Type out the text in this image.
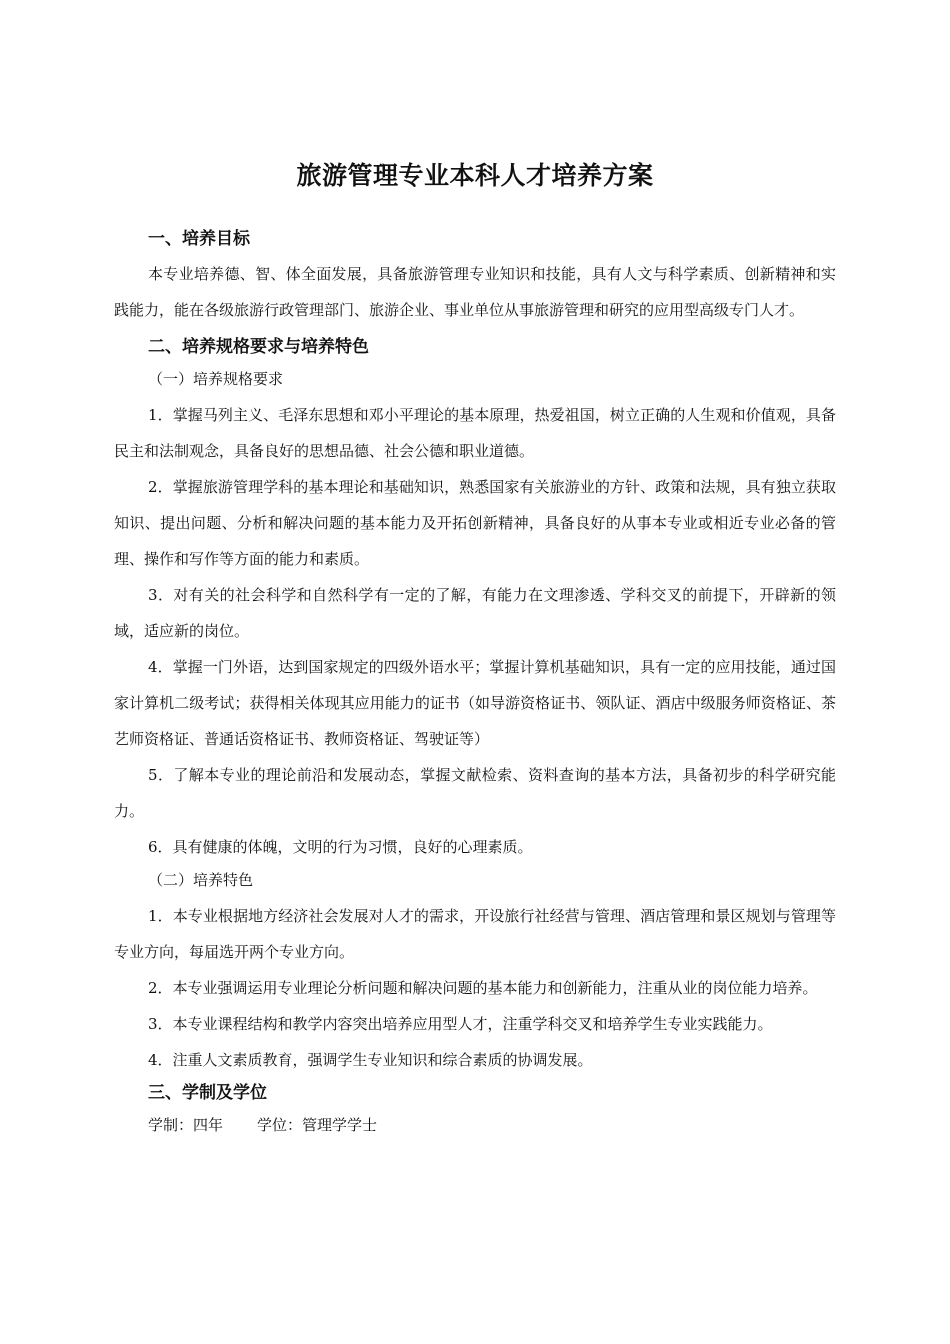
旅游管理专业本科人才培养方案
一、培养目标

本专业培养德、智、体全面发展，具备旅游管理专业知识和技能，具有人文与科学素质、创新精神和实践能力，能在各级旅游行政管理部门、旅游企业、事业单位从事旅游管理和研究的应用型高级专门人才。

二、培养规格要求与培养特色
（一）培养规格要求

1．掌握马列主义、毛泽东思想和邓小平理论的基本原理，热爱祖国，树立正确的人生观和价值观，具备民主和法制观念，具备良好的思想品德、社会公德和职业道德。

2．掌握旅游管理学科的基本理论和基础知识，熟悉国家有关旅游业的方针、政策和法规，具有独立获取知识、提出问题、分析和解决问题的基本能力及开拓创新精神，具备良好的从事本专业或相近专业必备的管理、操作和写作等方面的能力和素质。

3．对有关的社会科学和自然科学有一定的了解，有能力在文理渗透、学科交叉的前提下，开辟新的领域，适应新的岗位。

4．掌握一门外语，达到国家规定的四级外语水平；掌握计算机基础知识，具有一定的应用技能，通过国家计算机二级考试；获得相关体现其应用能力的证书（如导游资格证书、领队证、酒店中级服务师资格证、茶艺师资格证、普通话资格证书、教师资格证、驾驶证等）

5．了解本专业的理论前沿和发展动态，掌握文献检索、资料查询的基本方法，具备初步的科学研究能力。

6．具有健康的体魄，文明的行为习惯，良好的心理素质。

（二）培养特色

1．本专业根据地方经济社会发展对人才的需求，开设旅行社经营与管理、酒店管理和景区规划与管理等专业方向，每届选开两个专业方向。

2．本专业强调运用专业理论分析问题和解决问题的基本能力和创新能力，注重从业的岗位能力培养。

3．本专业课程结构和教学内容突出培养应用型人才，注重学科交叉和培养学生专业实践能力。

4．注重人文素质教育，强调学生专业知识和综合素质的协调发展。

三、学制及学位
学制：四年 学位：管理学学士
